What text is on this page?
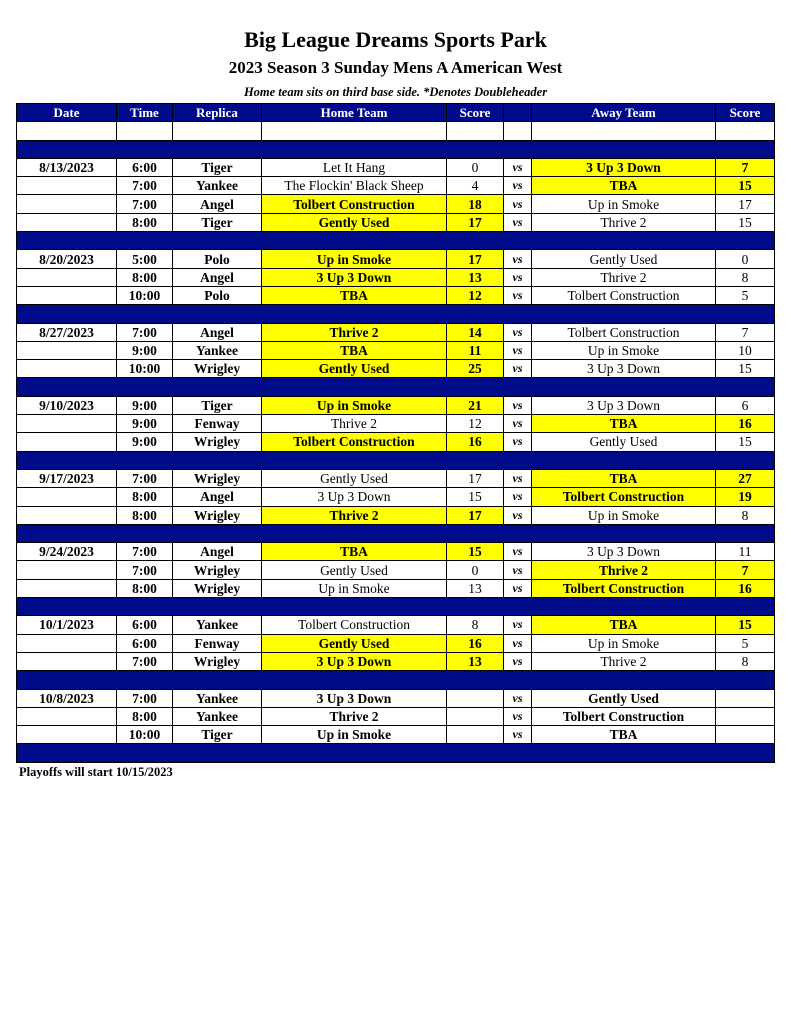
Big League Dreams Sports Park
2023 Season 3 Sunday Mens A American West
Home team sits on third base side. *Denotes Doubleheader
Date	Time	Replica	Home Team	Score		Away Team	Score

8/13/2023	6:00	Tiger	Let It Hang	0	vs	3 Up 3 Down	7
	7:00	Yankee	The Flockin' Black Sheep	4	vs	TBA	15
	7:00	Angel	Tolbert Construction	18	vs	Up in Smoke	17
	8:00	Tiger	Gently Used	17	vs	Thrive 2	15

8/20/2023	5:00	Polo	Up in Smoke	17	vs	Gently Used	0
	8:00	Angel	3 Up 3 Down	13	vs	Thrive 2	8
	10:00	Polo	TBA	12	vs	Tolbert Construction	5

8/27/2023	7:00	Angel	Thrive 2	14	vs	Tolbert Construction	7
	9:00	Yankee	TBA	11	vs	Up in Smoke	10
	10:00	Wrigley	Gently Used	25	vs	3 Up 3 Down	15

9/10/2023	9:00	Tiger	Up in Smoke	21	vs	3 Up 3 Down	6
	9:00	Fenway	Thrive 2	12	vs	TBA	16
	9:00	Wrigley	Tolbert Construction	16	vs	Gently Used	15

9/17/2023	7:00	Wrigley	Gently Used	17	vs	TBA	27
	8:00	Angel	3 Up 3 Down	15	vs	Tolbert Construction	19
	8:00	Wrigley	Thrive 2	17	vs	Up in Smoke	8

9/24/2023	7:00	Angel	TBA	15	vs	3 Up 3 Down	11
	7:00	Wrigley	Gently Used	0	vs	Thrive 2	7
	8:00	Wrigley	Up in Smoke	13	vs	Tolbert Construction	16

10/1/2023	6:00	Yankee	Tolbert Construction	8	vs	TBA	15
	6:00	Fenway	Gently Used	16	vs	Up in Smoke	5
	7:00	Wrigley	3 Up 3 Down	13	vs	Thrive 2	8

10/8/2023	7:00	Yankee	3 Up 3 Down		vs	Gently Used	
	8:00	Yankee	Thrive 2		vs	Tolbert Construction	
	10:00	Tiger	Up in Smoke		vs	TBA	

Playoffs will start 10/15/2023
